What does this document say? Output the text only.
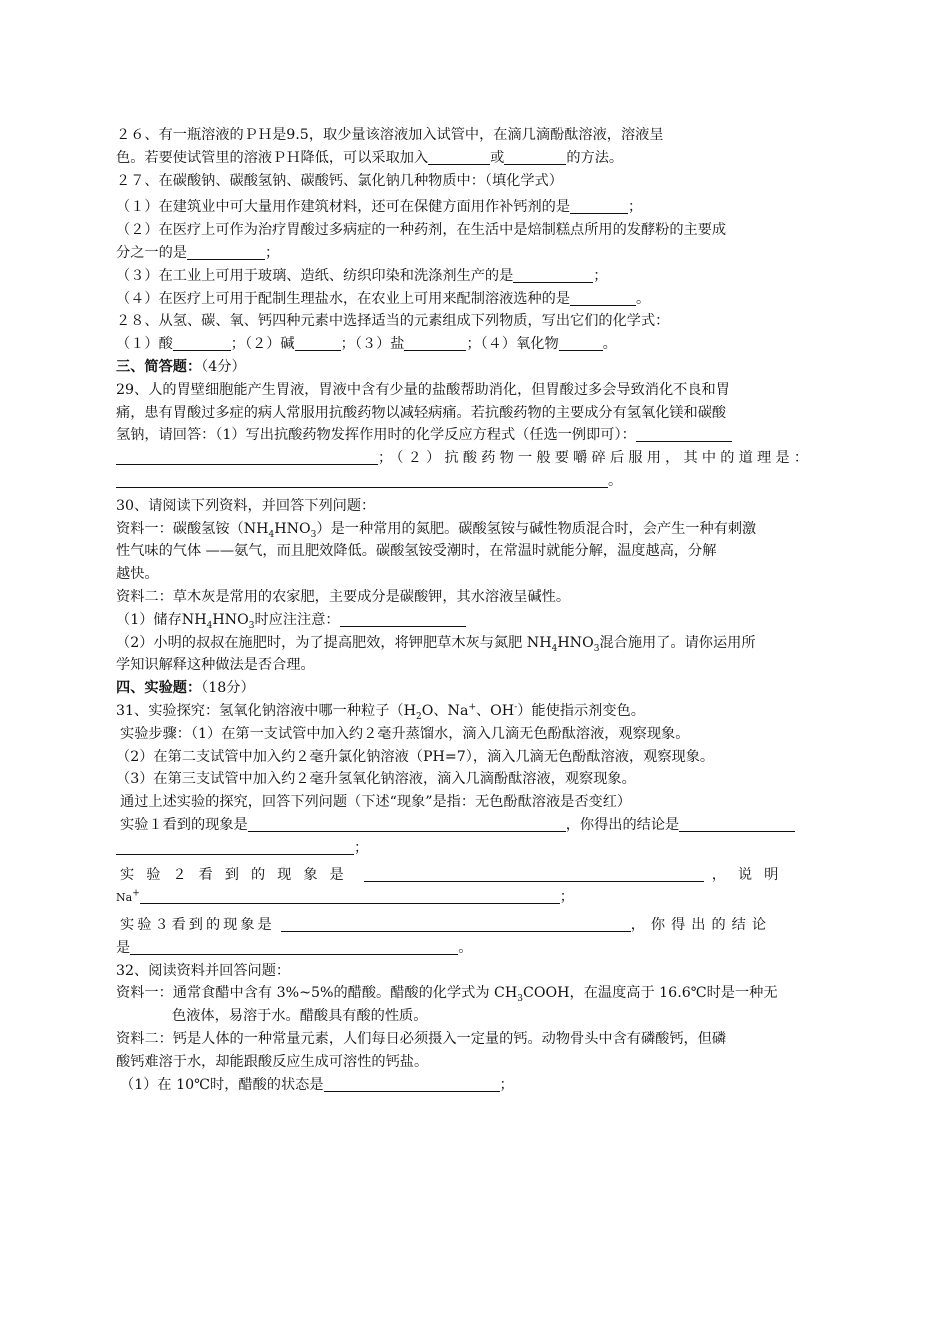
２６、有一瓶溶液的ＰＨ是9.5，取少量该溶液加入试管中，在滴几滴酚酞溶液，溶液呈
色。若要使试管里的溶液ＰＨ降低，可以采取加入	或	的方法。
２７、在碳酸钠、碳酸氢钠、碳酸钙、氯化钠几种物质中：（填化学式）
（１）在建筑业中可大量用作建筑材料，还可在保健方面用作补钙剂的是	；
（２）在医疗上可作为治疗胃酸过多病症的一种药剂，在生活中是焙制糕点所用的发酵粉的主要成
分之一的是	；
（３）在工业上可用于玻璃、造纸、纺织印染和洗涤剂生产的是	；
（４）在医疗上可用于配制生理盐水，在农业上可用来配制溶液选种的是	。
２８、从氢、碳、氧、钙四种元素中选择适当的元素组成下列物质，写出它们的化学式：
（１）酸	；（２）碱	；（３）盐	；（４）氧化物	。
三、简答题：（4分）
29、人的胃壁细胞能产生胃液，胃液中含有少量的盐酸帮助消化，但胃酸过多会导致消化不良和胃
痛，患有胃酸过多症的病人常服用抗酸药物以减轻病痛。若抗酸药物的主要成分有氢氧化镁和碳酸
氢钠，请回答：（1）写出抗酸药物发挥作用时的化学反应方程式（任选一例即可）：
；（２）抗酸药物一般要嚼碎后服用，其中的道理是：
。
30、请阅读下列资料，并回答下列问题：
资料一：碳酸氢铵$(NH_4HNO_3)$是一种常用的氮肥。碳酸氢铵与碱性物质混合时，会产生一种有刺激
性气味的气体 ——氨气，而且肥效降低。碳酸氢铵受潮时，在常温时就能分解，温度越高，分解
越快。
资料二：草木灰是常用的农家肥，主要成分是碳酸钾，其水溶液呈碱性。
（1）储存$NH_4HNO_3$时应注注意：
（2）小明的叔叔在施肥时，为了提高肥效，将钾肥草木灰与氮肥 $NH_4HNO_3$混合施用了。请你运用所
学知识解释这种做法是否合理。
四、实验题：（18分）
31、实验探究：氢氧化钠溶液中哪一种粒子（$H_2O$、Na+、OH-）能使指示剂变色。
实验步骤：（1）在第一支试管中加入约２毫升蒸馏水，滴入几滴无色酚酞溶液，观察现象。
（2）在第二支试管中加入约２毫升氯化钠溶液（PH=7），滴入几滴无色酚酞溶液，观察现象。
（3）在第三支试管中加入约２毫升氢氧化钠溶液，滴入几滴酚酞溶液，观察现象。
通过上述实验的探究，回答下列问题（下述“现象”是指：无色酚酞溶液是否变红）
实验１看到的现象是	，你得出的结论是
；
实验２看到的现象是	，说明
Na+	；
实验３看到的现象是	，你得出的结论
是	。
32、阅读资料并回答问题：
资料一：通常食醋中含有 3%~5%的醋酸。醋酸的化学式为 $CH_3COOH$，在温度高于 16.6℃时是一种无
色液体，易溶于水。醋酸具有酸的性质。
资料二：钙是人体的一种常量元素，人们每日必须摄入一定量的钙。动物骨头中含有磷酸钙，但磷
酸钙难溶于水，却能跟酸反应生成可溶性的钙盐。
（1）在 10℃时，醋酸的状态是	；
